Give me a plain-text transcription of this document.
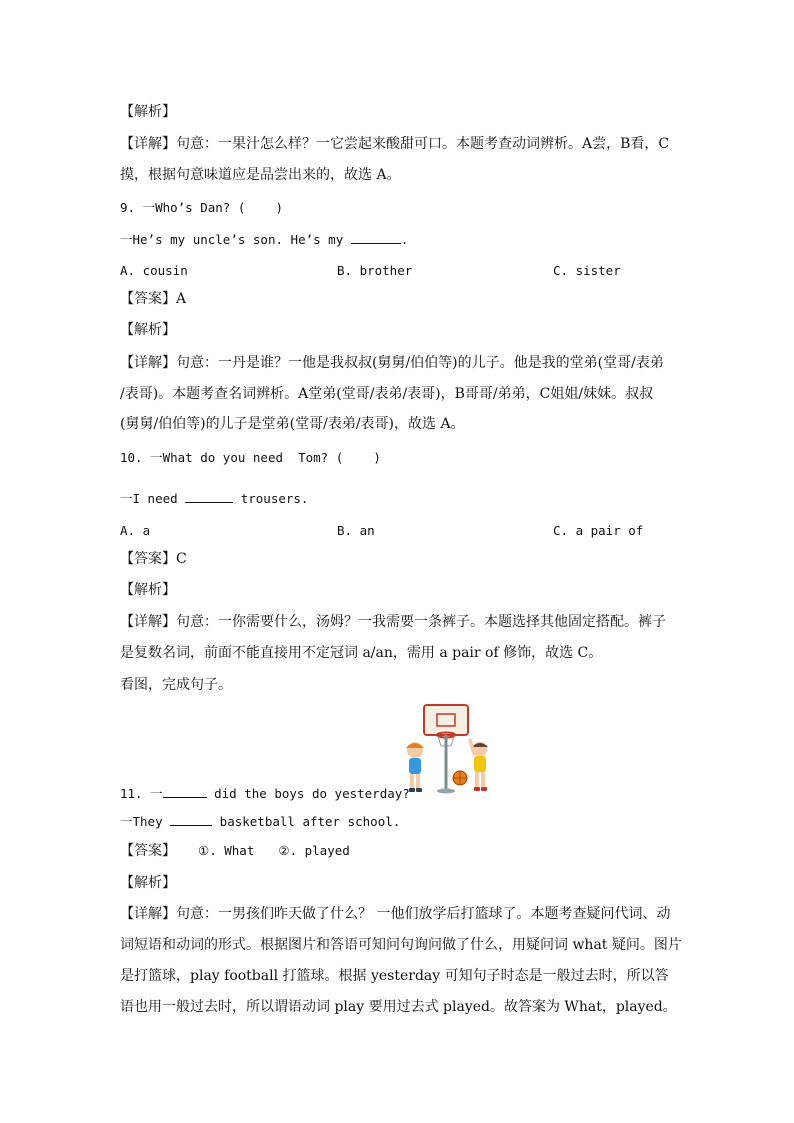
【解析】
【详解】句意：一果汁怎么样？一它尝起来酸甜可口。本题考查动词辨析。A尝，B看，C
摸，根据句意味道应是品尝出来的，故选 A。
9. 一Who’s Dan? (    )
一He’s my uncle’s son. He’s my	.
A. cousin	B. brother	C. sister
【答案】A
【解析】
【详解】句意：一丹是谁？一他是我叔叔(舅舅/伯伯等)的儿子。他是我的堂弟(堂哥/表弟
/表哥)。本题考查名词辨析。A堂弟(堂哥/表弟/表哥)，B哥哥/弟弟，C姐姐/妹妹。叔叔
(舅舅/伯伯等)的儿子是堂弟(堂哥/表弟/表哥)，故选 A。
10. 一What do you need  Tom? (    )
一I need	trousers.
A. a	B. an	C. a pair of
【答案】C
【解析】
【详解】句意：一你需要什么，汤姆？一我需要一条裤子。本题选择其他固定搭配。裤子
是复数名词，前面不能直接用不定冠词 a/an，需用 a pair of 修饰，故选 C。
看图，完成句子。
11. 一	did the boys do yesterday?
一They	basketball after school.
【答案】 ①. What ②. played
【解析】
【详解】句意：一男孩们昨天做了什么？ 一他们放学后打篮球了。本题考查疑问代词、动
词短语和动词的形式。根据图片和答语可知问句询问做了什么，用疑问词 what 疑问。图片
是打篮球，play football 打篮球。根据 yesterday 可知句子时态是一般过去时，所以答
语也用一般过去时，所以谓语动词 play 要用过去式 played。故答案为 What，played。
